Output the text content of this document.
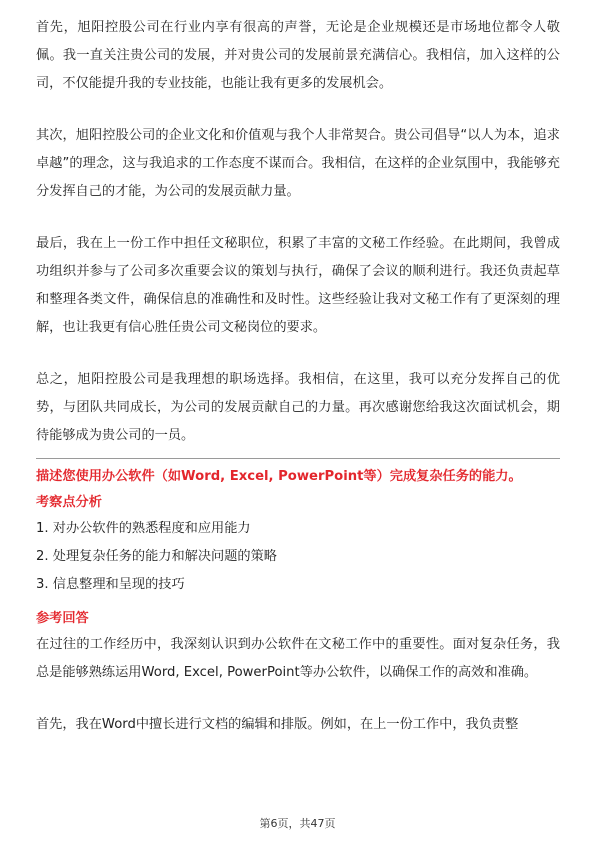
首先，旭阳控股公司在行业内享有很高的声誉，无论是企业规模还是市场地位都令人敬佩。我一直关注贵公司的发展，并对贵公司的发展前景充满信心。我相信，加入这样的公司，不仅能提升我的专业技能，也能让我有更多的发展机会。

其次，旭阳控股公司的企业文化和价值观与我个人非常契合。贵公司倡导“以人为本，追求卓越”的理念，这与我追求的工作态度不谋而合。我相信，在这样的企业氛围中，我能够充分发挥自己的才能，为公司的发展贡献力量。

最后，我在上一份工作中担任文秘职位，积累了丰富的文秘工作经验。在此期间，我曾成功组织并参与了公司多次重要会议的策划与执行，确保了会议的顺利进行。我还负责起草和整理各类文件，确保信息的准确性和及时性。这些经验让我对文秘工作有了更深刻的理解，也让我更有信心胜任贵公司文秘岗位的要求。

总之，旭阳控股公司是我理想的职场选择。我相信，在这里，我可以充分发挥自己的优势，与团队共同成长，为公司的发展贡献自己的力量。再次感谢您给我这次面试机会，期待能够成为贵公司的一员。

描述您使用办公软件（如Word, Excel, PowerPoint等）完成复杂任务的能力。

考察点分析

1. 对办公软件的熟悉程度和应用能力
2. 处理复杂任务的能力和解决问题的策略
3. 信息整理和呈现的技巧

参考回答

在过往的工作经历中，我深刻认识到办公软件在文秘工作中的重要性。面对复杂任务，我总是能够熟练运用Word, Excel, PowerPoint等办公软件，以确保工作的高效和准确。

首先，我在Word中擅长进行文档的编辑和排版。例如，在上一份工作中，我负责整

第6页，共47页
